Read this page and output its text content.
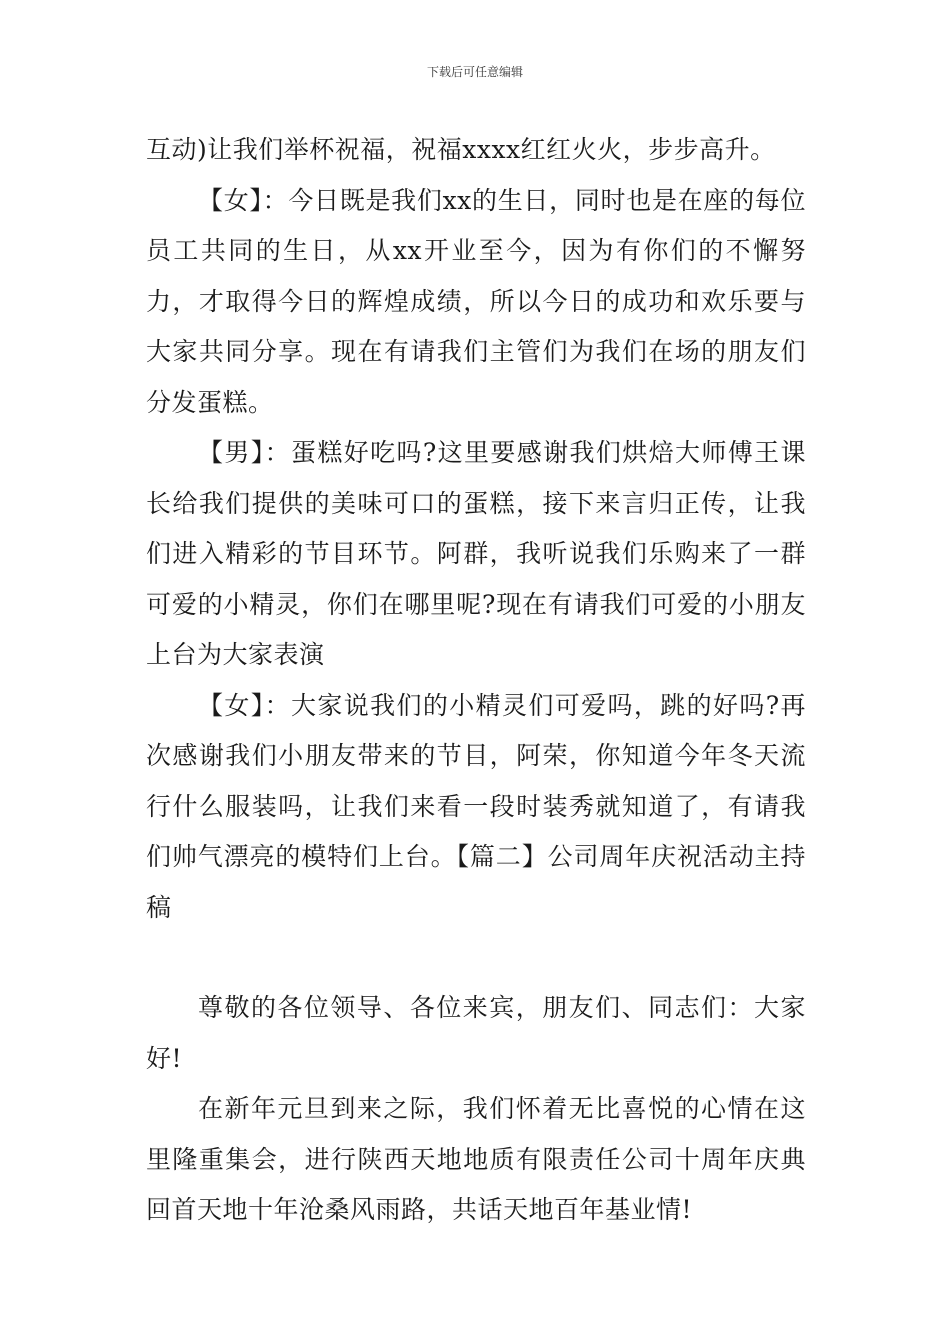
下载后可任意编辑

互动)让我们举杯祝福，祝福xxxx红红火火，步步高升。

【女】：今日既是我们xx的生日，同时也是在座的每位员工共同的生日，从xx开业至今，因为有你们的不懈努力，才取得今日的辉煌成绩，所以今日的成功和欢乐要与大家共同分享。现在有请我们主管们为我们在场的朋友们分发蛋糕。

【男】：蛋糕好吃吗?这里要感谢我们烘焙大师傅王课长给我们提供的美味可口的蛋糕，接下来言归正传，让我们进入精彩的节目环节。阿群，我听说我们乐购来了一群可爱的小精灵，你们在哪里呢?现在有请我们可爱的小朋友上台为大家表演

【女】：大家说我们的小精灵们可爱吗，跳的好吗?再次感谢我们小朋友带来的节目，阿荣，你知道今年冬天流行什么服装吗，让我们来看一段时装秀就知道了，有请我们帅气漂亮的模特们上台。【篇二】公司周年庆祝活动主持稿

尊敬的各位领导、各位来宾，朋友们、同志们：大家好!

在新年元旦到来之际，我们怀着无比喜悦的心情在这里隆重集会，进行陕西天地地质有限责任公司十周年庆典回首天地十年沧桑风雨路，共话天地百年基业情!
